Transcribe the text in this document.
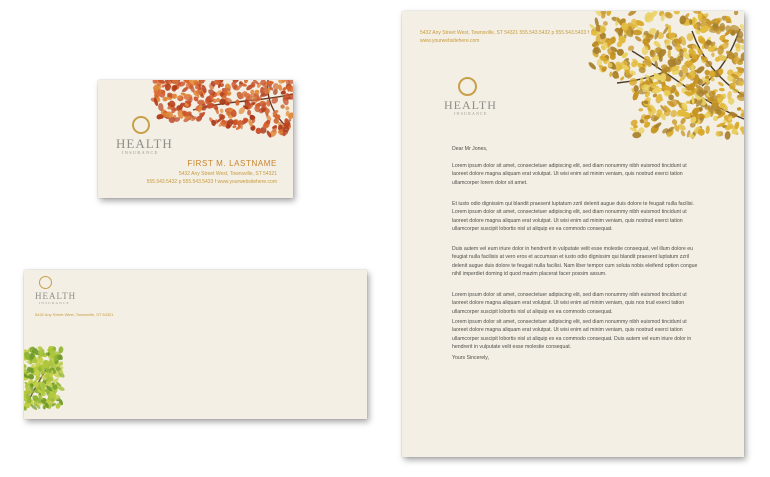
HEALTH
INSURANCE
FIRST M. LASTNAME
5432 Any Street West, Townsville, ST 54321
555.543.5432 p 555.543.5433 f www.yourwebsitehere.com
HEALTH
INSURANCE
5432 Any Street West, Townsville, ST 54321
5432 Any Street West, Townsville, ST 54321 555.543.5432 p 555.543.5433 f
www.yourwebsitehere.com
HEALTH
INSURANCE
Dear Mr Jones,
Lorem ipsum dolor sit amet, consectetuer adipiscing elit, sed diam nonummy nibh euismod tincidunt ut laoreet dolore magna aliquam erat volutpat. Ut wisi enim ad minim veniam, quis nostrud exerci tation ullamcorper lorem dolor sit amet.
Et iusto odio dignissim qui blandit praesent luptatum zzril delenit augue duis dolore te feugait nulla facilisi. Lorem ipsum dolor sit amet, consectetuer adipiscing elit, sed diam nonummy nibh euismod tincidunt ut laoreet dolore magna aliquam erat volutpat. Ut wisi enim ad minim veniam, quis nostrud exerci tation ullamcorper suscipit lobortis nisl ut aliquip ex ea commodo consequat.
Duis autem vel eum iriure dolor in hendrerit in vulputate velit esse molestie consequat, vel illum dolore eu feugiat nulla facilisis at vero eros et accumsan et iusto odio dignissim qui blandit praesent luptatum zzril delenit augue duis dolore te feugait nulla facilisi. Nam liber tempor cum soluta nobis eleifend option congue nihil imperdiet doming id quod mazim placerat facer possim assum.
Lorem ipsum dolor sit amet, consectetuer adipiscing elit, sed diam nonummy nibh euismod tincidunt ut laoreet dolore magna aliquam erat volutpat. Ut wisi enim ad minim veniam, quis nos trud exerci tation ullamcorper suscipit lobortis nisl ut aliquip ex ea commodo consequat.
Lorem ipsum dolor sit amet, consectetuer adipiscing elit, sed diam nonummy nibh euismod tincidunt ut laoreet dolore magna aliquam erat volutpat. Ut wisi enim ad minim veniam, quis nostrud exerci tation ullamcorper suscipit lobortis nisl ut aliquip ex ea commodo consequat. Duis autem vel eum iriure dolor in hendrerit in vulputate velit esse molestie consequat.
Yours Sincerely,
